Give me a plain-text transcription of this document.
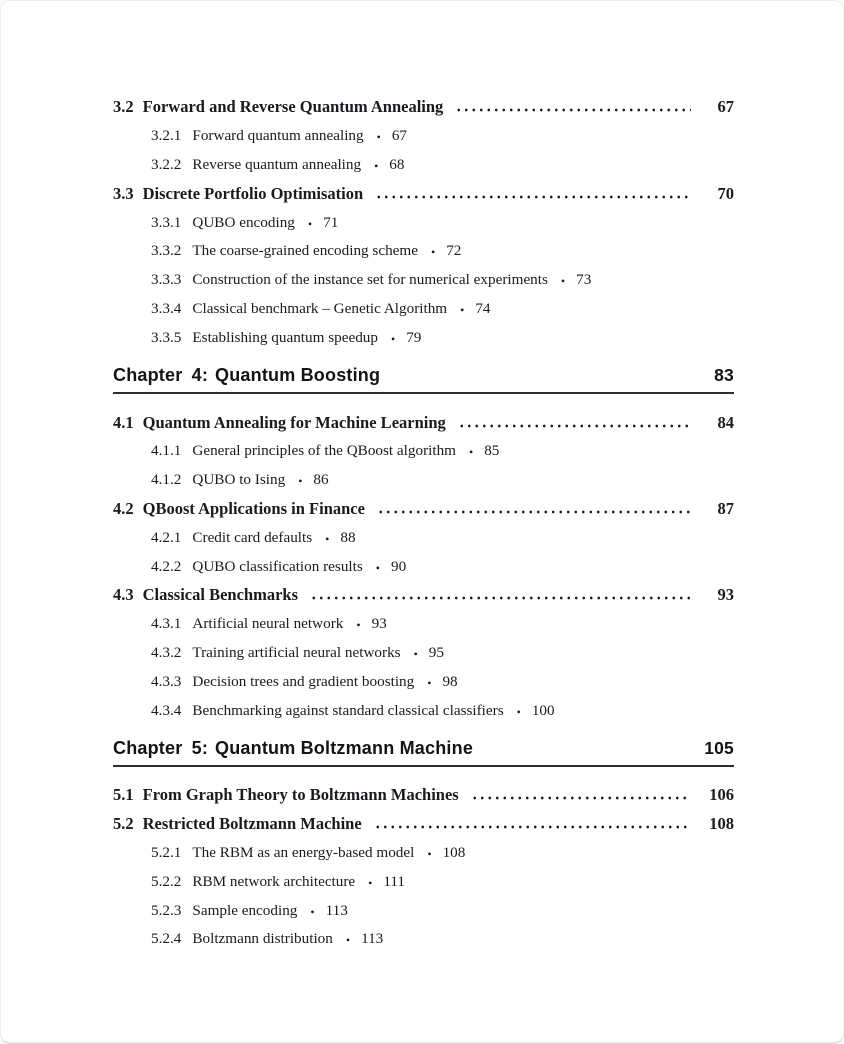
3.2 Forward and Reverse Quantum Annealing	67
3.2.1 Forward quantum annealing • 67
3.2.2 Reverse quantum annealing • 68
3.3 Discrete Portfolio Optimisation	70
3.3.1 QUBO encoding • 71
3.3.2 The coarse-grained encoding scheme • 72
3.3.3 Construction of the instance set for numerical experiments • 73
3.3.4 Classical benchmark – Genetic Algorithm • 74
3.3.5 Establishing quantum speedup • 79
Chapter 4: Quantum Boosting	83
4.1 Quantum Annealing for Machine Learning	84
4.1.1 General principles of the QBoost algorithm • 85
4.1.2 QUBO to Ising • 86
4.2 QBoost Applications in Finance	87
4.2.1 Credit card defaults • 88
4.2.2 QUBO classification results • 90
4.3 Classical Benchmarks	93
4.3.1 Artificial neural network • 93
4.3.2 Training artificial neural networks • 95
4.3.3 Decision trees and gradient boosting • 98
4.3.4 Benchmarking against standard classical classifiers • 100
Chapter 5: Quantum Boltzmann Machine	105
5.1 From Graph Theory to Boltzmann Machines	106
5.2 Restricted Boltzmann Machine	108
5.2.1 The RBM as an energy-based model • 108
5.2.2 RBM network architecture • 111
5.2.3 Sample encoding • 113
5.2.4 Boltzmann distribution • 113
